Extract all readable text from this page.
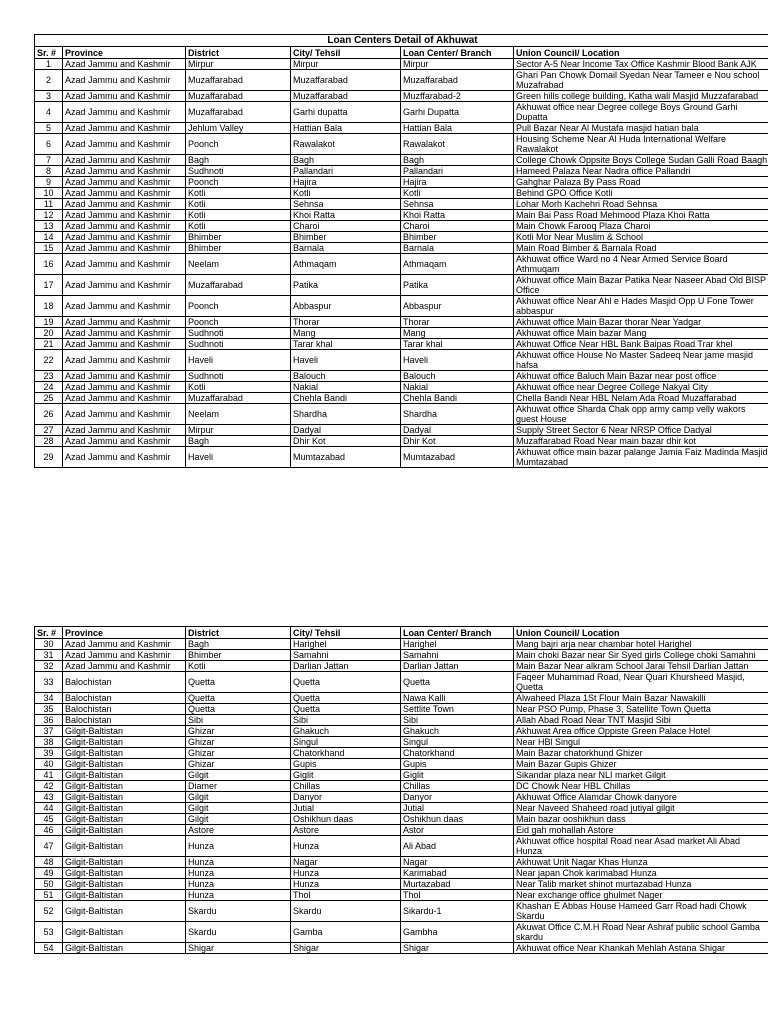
Loan Centers Detail of Akhuwat					
Sr. #	Province	District	City/ Tehsil	Loan Center/ Branch	Union Council/ Location
1	Azad Jammu and Kashmir	Mirpur	Mirpur	Mirpur	Sector A-5 Near Income Tax Office Kashmir Blood Bank AJK
2	Azad Jammu and Kashmir	Muzaffarabad	Muzaffarabad	Muzaffarabad	Ghari Pan Chowk Domail Syedan Near Tameer e Nou school Muzafrabad
3	Azad Jammu and Kashmir	Muzaffarabad	Muzaffarabad	Muzffarabad-2	Green hills college building, Katha wali Masjid Muzzafarabad
4	Azad Jammu and Kashmir	Muzaffarabad	Garhi dupatta	Garhi Dupatta	Akhuwat office near Degree college Boys Ground Garhi Dupatta
5	Azad Jammu and Kashmir	Jehlum Valley	Hattian Bala	Hattian Bala	Pull Bazar Near Al Mustafa masjid hatian bala
6	Azad Jammu and Kashmir	Poonch	Rawalakot	Rawalakot	Housing Scheme Near Al Huda International Welfare Rawalakot
7	Azad Jammu and Kashmir	Bagh	Bagh	Bagh	College Chowk Oppsite Boys College Sudan Galli Road Baagh
8	Azad Jammu and Kashmir	Sudhnoti	Pallandari	Pallandari	Hameed Palaza Near Nadra office Pallandri
9	Azad Jammu and Kashmir	Poonch	Hajira	Hajira	Gahghar Palaza By Pass Road
10	Azad Jammu and Kashmir	Kotli	Kotli	Kotli	Behind GPO Office Kotli
11	Azad Jammu and Kashmir	Kotli	Sehnsa	Sehnsa	Lohar Morh Kachehri Road Sehnsa
12	Azad Jammu and Kashmir	Kotli	Khoi Ratta	Khoi Ratta	Main Bai Pass Road Mehmood Plaza Khoi Ratta
13	Azad Jammu and Kashmir	Kotli	Charoi	Charoi	Main Chowk Farooq Plaza Charoi
14	Azad Jammu and Kashmir	Bhimber	Bhimber	Bhimber	Kotli Mor Near Muslim & School
15	Azad Jammu and Kashmir	Bhimber	Barnala	Barnala	Main Road Bimber & Barnala Road
16	Azad Jammu and Kashmir	Neelam	Athmaqam	Athmaqam	Akhuwat office Ward no 4 Near Armed Service Board Athmuqam
17	Azad Jammu and Kashmir	Muzaffarabad	Patika	Patika	Akhuwat office Main Bazar Patika Near Naseer Abad Old BISP Office
18	Azad Jammu and Kashmir	Poonch	Abbaspur	Abbaspur	Akhuwat office Near Ahl e Hades Masjid Opp U Fone Tower abbaspur
19	Azad Jammu and Kashmir	Poonch	Thorar	Thorar	Akhuwat office Main Bazar thorar Near Yadgar
20	Azad Jammu and Kashmir	Sudhnoti	Mang	Mang	Akhuwat office Main bazar Mang
21	Azad Jammu and Kashmir	Sudhnoti	Tarar khal	Tarar khal	Akhuwat Office Near HBL Bank Baipas Road Trar khel
22	Azad Jammu and Kashmir	Haveli	Haveli	Haveli	Akhuwat office House No Master Sadeeq Near jame masjid hafsa
23	Azad Jammu and Kashmir	Sudhnoti	Balouch	Balouch	Akhuwat office Baluch Main Bazar near post office
24	Azad Jammu and Kashmir	Kotli	Nakial	Nakial	Akhuwat office near Degree College Nakyal City
25	Azad Jammu and Kashmir	Muzaffarabad	Chehla Bandi	Chehla Bandi	Chella Bandi Near HBL Nelam Ada Road Muzaffarabad
26	Azad Jammu and Kashmir	Neelam	Shardha	Shardha	Akhuwat office Sharda Chak opp army camp velly wakors guest House
27	Azad Jammu and Kashmir	Mirpur	Dadyal	Dadyal	Supply Street Sector 6 Near NRSP Office Dadyal
28	Azad Jammu and Kashmir	Bagh	Dhir Kot	Dhir Kot	Muzaffarabad Road Near main bazar dhir kot
29	Azad Jammu and Kashmir	Haveli	Mumtazabad	Mumtazabad	Akhuwat office main bazar palange Jamia Faiz Madinda Masjid Mumtazabad
Sr. #	Province	District	City/ Tehsil	Loan Center/ Branch	Union Council/ Location
30	Azad Jammu and Kashmir	Bagh	Harighel	Harighel	Mang bajri arja near chambar hotel Harighel
31	Azad Jammu and Kashmir	Bhimber	Samahni	Samahni	Main choki Bazar near Sir Syed girls College choki Samahni
32	Azad Jammu and Kashmir	Kotli	Darlian Jattan	Darlian Jattan	Main Bazar Near alkram School Jarai Tehsil Darlian Jattan
33	Balochistan	Quetta	Quetta	Quetta	Faqeer Muhammad Road, Near Quari Khursheed Masjid, Quetta
34	Balochistan	Quetta	Quetta	Nawa Kalli	Alwaheed Plaza 1St Flour Main Bazar Nawakilli
35	Balochistan	Quetta	Quetta	Settlite Town	Near PSO Pump, Phase 3, Satellite Town Quetta
36	Balochistan	Sibi	Sibi	Sibi	Allah Abad Road Near TNT Masjid Sibi
37	Gilgit-Baltistan	Ghizar	Ghakuch	Ghakuch	Akhuwat Area office Oppiste Green Palace Hotel
38	Gilgit-Baltistan	Ghizar	Singul	Singul	Near HBl Singul
39	Gilgit-Baltistan	Ghizar	Chatorkhand	Chatorkhand	Main Bazar chatorkhund Ghizer
40	Gilgit-Baltistan	Ghizar	Gupis	Gupis	Main Bazar Gupis Ghizer
41	Gilgit-Baltistan	Gilgit	Giglit	Giglit	Sikandar plaza near NLI market Gilgit
42	Gilgit-Baltistan	Diamer	Chillas	Chillas	DC Chowk Near HBL Chillas
43	Gilgit-Baltistan	Gilgit	Danyor	Danyor	Akhuwat Office Alamdar Chowk danyore
44	Gilgit-Baltistan	Gilgit	Jutial	Jutial	Near Naveed Shaheed road jutiyal gilgit
45	Gilgit-Baltistan	Gilgit	Oshikhun daas	Oshikhun daas	Main bazar ooshikhun dass
46	Gilgit-Baltistan	Astore	Astore	Astor	Eid gah mohallah Astore
47	Gilgit-Baltistan	Hunza	Hunza	Ali Abad	Akhuwat office hospital Road near Asad market Ali Abad Hunza
48	Gilgit-Baltistan	Hunza	Nagar	Nagar	Akhuwat Unit Nagar Khas Hunza
49	Gilgit-Baltistan	Hunza	Hunza	Karimabad	Near japan Chok karimabad Hunza
50	Gilgit-Baltistan	Hunza	Hunza	Murtazabad	Near Talib market shinot murtazabad Hunza
51	Gilgit-Baltistan	Hunza	Thol	Thol	Near exchange office ghulmet Nager
52	Gilgit-Baltistan	Skardu	Skardu	Sikardu-1	Khashan E Abbas House Hameed Garr Road hadi Chowk Skardu
53	Gilgit-Baltistan	Skardu	Gamba	Gambha	Akuwat Office C.M.H Road Near Ashraf public school Gamba skardu
54	Gilgit-Baltistan	Shigar	Shigar	Shigar	Akhuwat office Near Khankah Mehlah Astana Shigar
